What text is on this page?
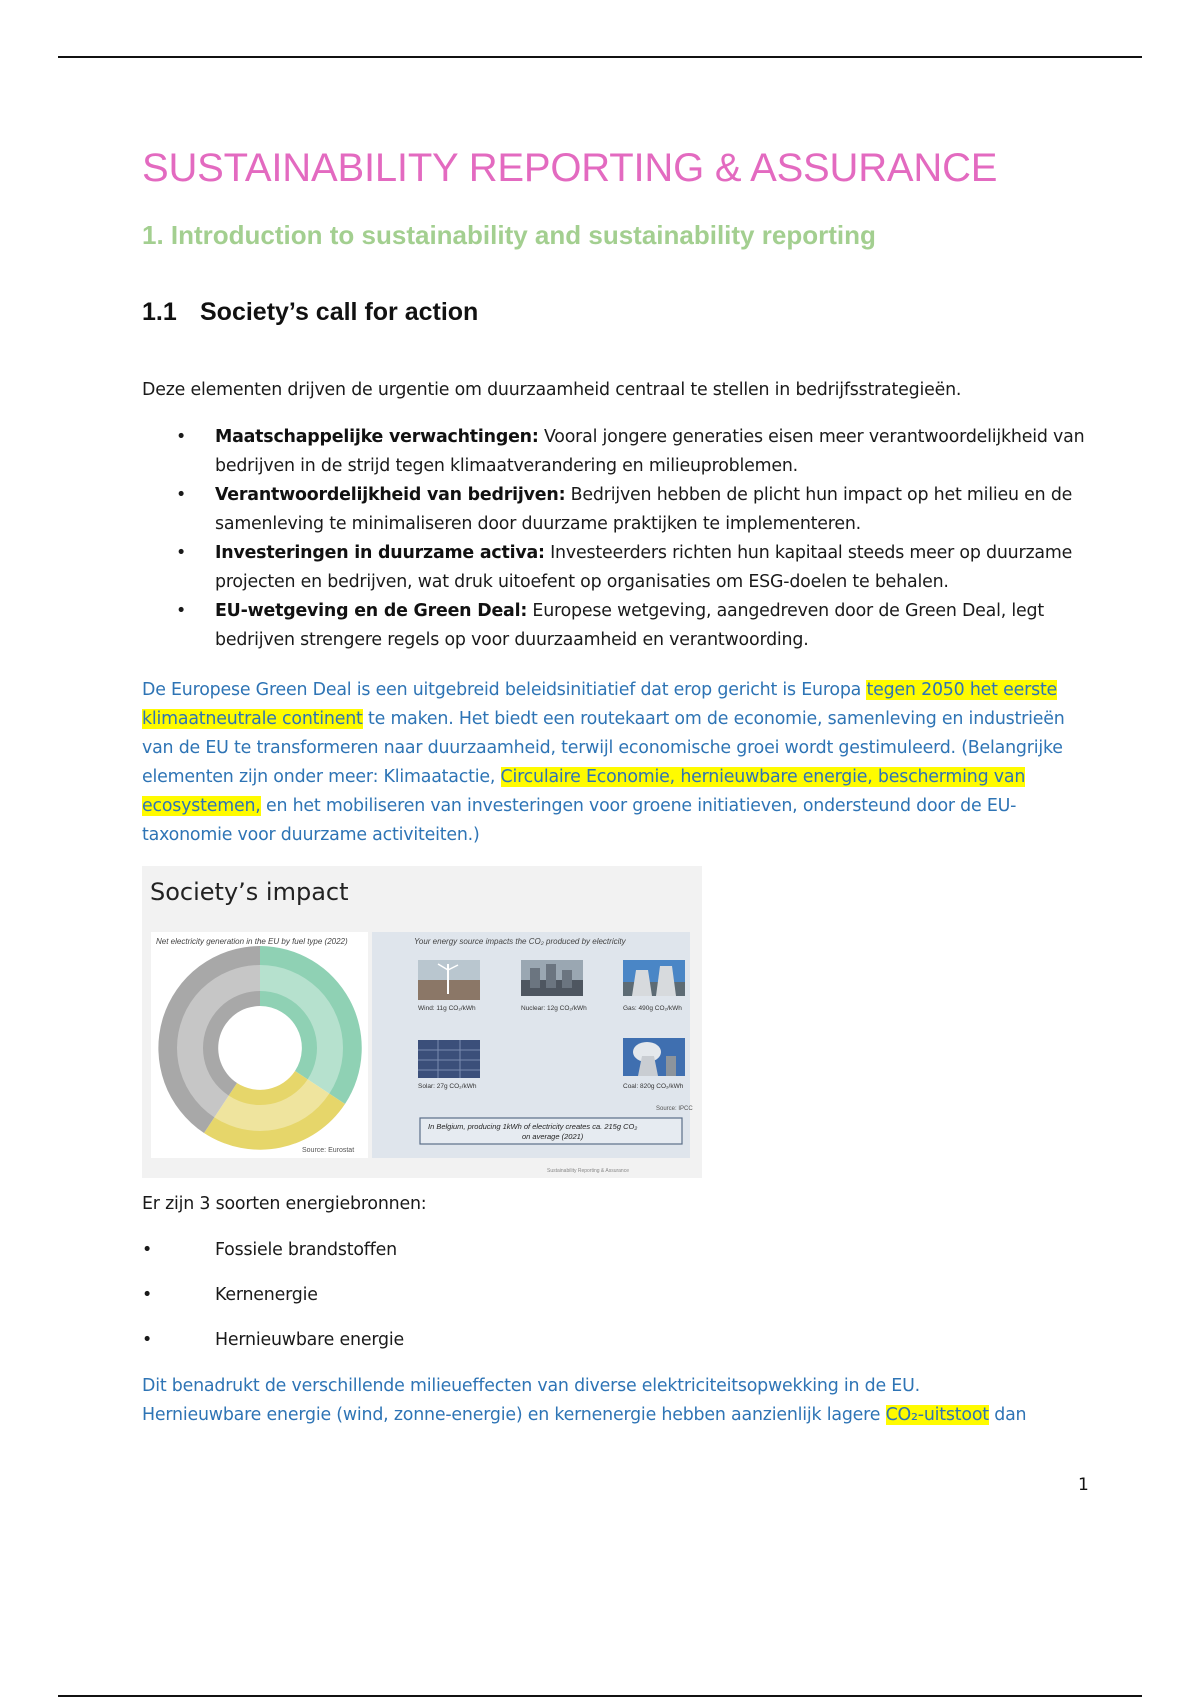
SUSTAINABILITY REPORTING & ASSURANCE
1. Introduction to sustainability and sustainability reporting
1.1 Society’s call for action

Deze elementen drijven de urgentie om duurzaamheid centraal te stellen in bedrijfsstrategieën.

• Maatschappelijke verwachtingen: Vooral jongere generaties eisen meer verantwoordelijkheid van bedrijven in de strijd tegen klimaatverandering en milieuproblemen.
• Verantwoordelijkheid van bedrijven: Bedrijven hebben de plicht hun impact op het milieu en de samenleving te minimaliseren door duurzame praktijken te implementeren.
• Investeringen in duurzame activa: Investeerders richten hun kapitaal steeds meer op duurzame projecten en bedrijven, wat druk uitoefent op organisaties om ESG-doelen te behalen.
• EU-wetgeving en de Green Deal: Europese wetgeving, aangedreven door de Green Deal, legt bedrijven strengere regels op voor duurzaamheid en verantwoording.

De Europese Green Deal is een uitgebreid beleidsinitiatief dat erop gericht is Europa tegen 2050 het eerste klimaatneutrale continent te maken. Het biedt een routekaart om de economie, samenleving en industrieën van de EU te transformeren naar duurzaamheid, terwijl economische groei wordt gestimuleerd. (Belangrijke elementen zijn onder meer: Klimaatactie, Circulaire Economie, hernieuwbare energie, bescherming van ecosystemen, en het mobiliseren van investeringen voor groene initiatieven, ondersteund door de EU-taxonomie voor duurzame activiteiten.)

Society’s impact

Net electricity generation in the EU by fuel type (2022)	Your energy source impacts the CO₂ produced by electricity
Source: Eurostat
Wind: 11g CO₂/kWh	Nuclear: 12g CO₂/kWh	Gas: 490g CO₂/kWh
Solar: 27g CO₂/kWh	Coal: 820g CO₂/kWh
Source: IPCC
In Belgium, producing 1kWh of electricity creates ca. 215g CO₂
on average (2021)
Sustainability Reporting & Assurance

Er zijn 3 soorten energiebronnen:

•	Fossiele brandstoffen
•	Kernenergie
•	Hernieuwbare energie

Dit benadrukt de verschillende milieueffecten van diverse elektriciteitsopwekking in de EU.
Hernieuwbare energie (wind, zonne-energie) en kernenergie hebben aanzienlijk lagere CO₂-uitstoot dan

1
